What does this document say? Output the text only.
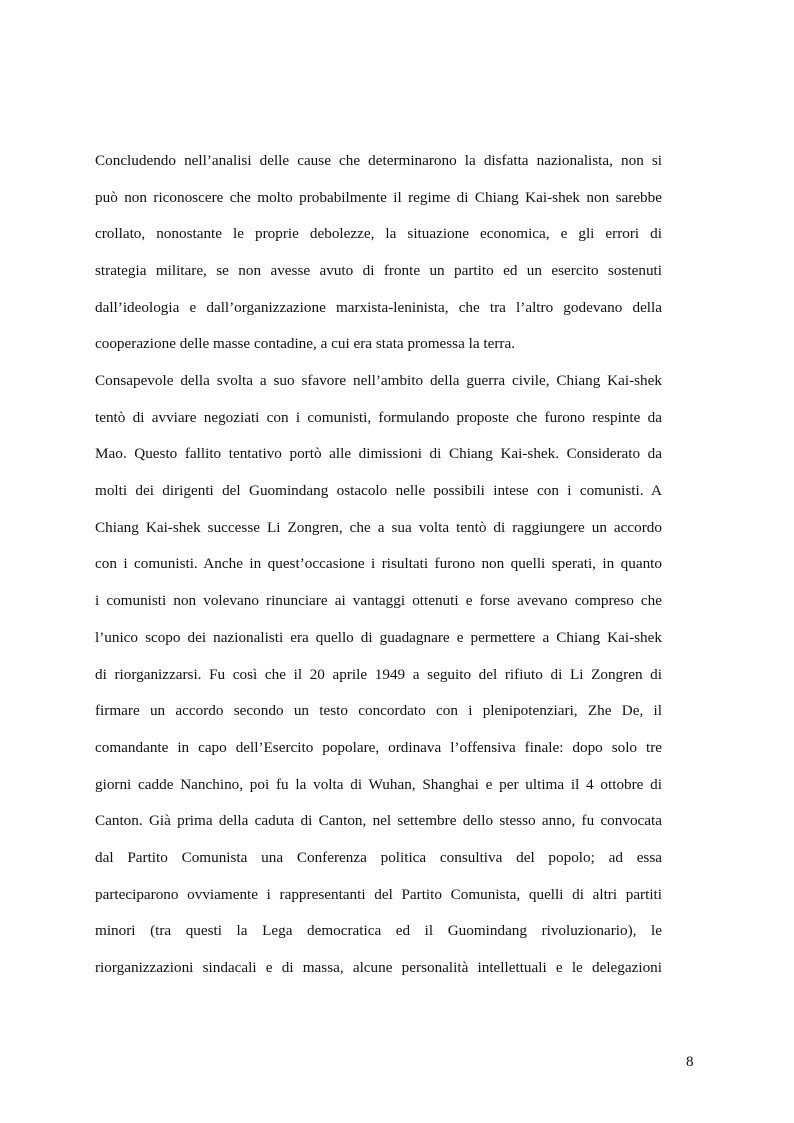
Concludendo nell’analisi delle cause che determinarono la disfatta nazionalista, non si
può non riconoscere che molto probabilmente il regime di Chiang Kai-shek non sarebbe
crollato, nonostante le proprie debolezze, la situazione economica, e gli errori di
strategia militare, se non avesse avuto di fronte un partito ed un esercito sostenuti
dall’ideologia e dall’organizzazione marxista-leninista, che tra l’altro godevano della
cooperazione delle masse contadine, a cui era stata promessa la terra.
Consapevole della svolta a suo sfavore nell’ambito della guerra civile, Chiang Kai-shek
tentò di avviare negoziati con i comunisti, formulando proposte che furono respinte da
Mao. Questo fallito tentativo portò alle dimissioni di Chiang Kai-shek. Considerato da
molti dei dirigenti del Guomindang ostacolo nelle possibili intese con i comunisti. A
Chiang Kai-shek successe Li Zongren, che a sua volta tentò di raggiungere un accordo
con i comunisti. Anche in quest’occasione i risultati furono non quelli sperati, in quanto
i comunisti non volevano rinunciare ai vantaggi ottenuti e forse avevano compreso che
l’unico scopo dei nazionalisti era quello di guadagnare e permettere a Chiang Kai-shek
di riorganizzarsi. Fu così che il 20 aprile 1949 a seguito del rifiuto di Li Zongren di
firmare un accordo secondo un testo concordato con i plenipotenziari, Zhe De, il
comandante in capo dell’Esercito popolare, ordinava l’offensiva finale: dopo solo tre
giorni cadde Nanchino, poi fu la volta di Wuhan, Shanghai e per ultima il 4 ottobre di
Canton. Già prima della caduta di Canton, nel settembre dello stesso anno, fu convocata
dal Partito Comunista una Conferenza politica consultiva del popolo; ad essa
parteciparono ovviamente i rappresentanti del Partito Comunista, quelli di altri partiti
minori (tra questi la Lega democratica ed il Guomindang rivoluzionario), le
riorganizzazioni sindacali e di massa, alcune personalità intellettuali e le delegazioni
8
